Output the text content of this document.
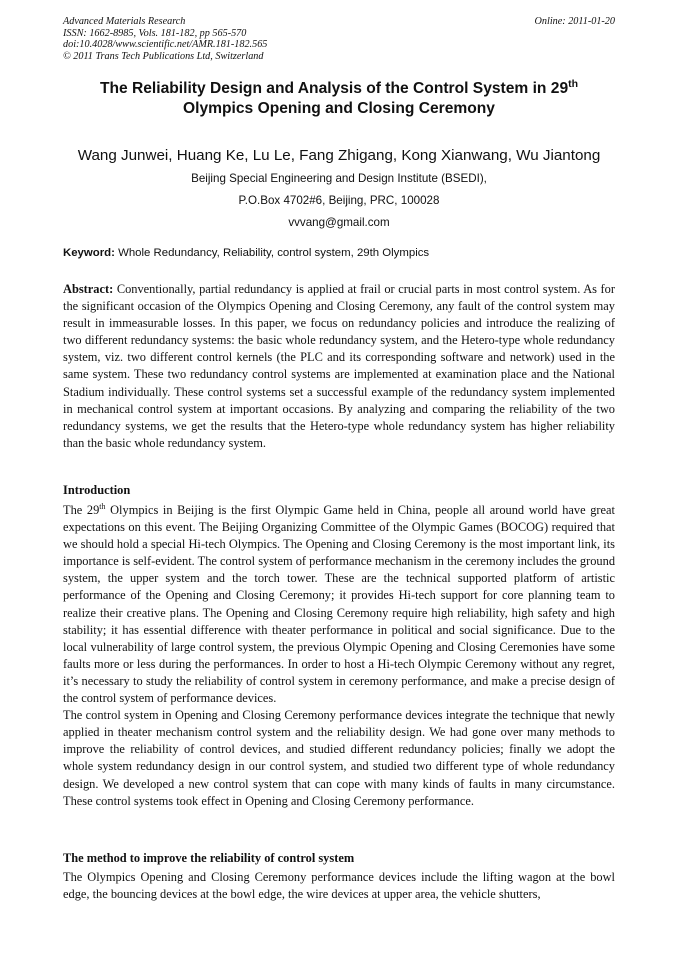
Advanced Materials Research
ISSN: 1662-8985, Vols. 181-182, pp 565-570
doi:10.4028/www.scientific.net/AMR.181-182.565
© 2011 Trans Tech Publications Ltd, Switzerland
Online: 2011-01-20
The Reliability Design and Analysis of the Control System in 29th
Olympics Opening and Closing Ceremony
Wang Junwei, Huang Ke, Lu Le, Fang Zhigang, Kong Xianwang, Wu Jiantong
Beijing Special Engineering and Design Institute (BSEDI),
P.O.Box 4702#6, Beijing, PRC, 100028
vvvang@gmail.com
Keyword: Whole Redundancy, Reliability, control system, 29th Olympics
Abstract: Conventionally, partial redundancy is applied at frail or crucial parts in most control system. As for the significant occasion of the Olympics Opening and Closing Ceremony, any fault of the control system may result in immeasurable losses. In this paper, we focus on redundancy policies and introduce the realizing of two different redundancy systems: the basic whole redundancy system, and the Hetero-type whole redundancy system, viz. two different control kernels (the PLC and its corresponding software and network) used in the same system. These two redundancy control systems are implemented at examination place and the National Stadium individually. These control systems set a successful example of the redundancy system implemented in mechanical control system at important occasions. By analyzing and comparing the reliability of the two redundancy systems, we get the results that the Hetero-type whole redundancy system has higher reliability than the basic whole redundancy system.
Introduction

The 29th Olympics in Beijing is the first Olympic Game held in China, people all around world have great expectations on this event. The Beijing Organizing Committee of the Olympic Games (BOCOG) required that we should hold a special Hi-tech Olympics. The Opening and Closing Ceremony is the most important link, its importance is self-evident. The control system of performance mechanism in the ceremony includes the ground system, the upper system and the torch tower. These are the technical supported platform of artistic performance of the Opening and Closing Ceremony; it provides Hi-tech support for core planning team to realize their creative plans. The Opening and Closing Ceremony require high reliability, high safety and high stability; it has essential difference with theater performance in political and social significance. Due to the local vulnerability of large control system, the previous Olympic Opening and Closing Ceremonies have some faults more or less during the performances. In order to host a Hi-tech Olympic Ceremony without any regret, it’s necessary to study the reliability of control system in ceremony performance, and make a precise design of the control system of performance devices.

The control system in Opening and Closing Ceremony performance devices integrate the technique that newly applied in theater mechanism control system and the reliability design. We had gone over many methods to improve the reliability of control devices, and studied different redundancy policies; finally we adopt the whole system redundancy design in our control system, and studied two different type of whole redundancy design. We developed a new control system that can cope with many kinds of faults in many circumstance. These control systems took effect in Opening and Closing Ceremony performance.

The method to improve the reliability of control system

The Olympics Opening and Closing Ceremony performance devices include the lifting wagon at the bowl edge, the bouncing devices at the bowl edge, the wire devices at upper area, the vehicle shutters,
